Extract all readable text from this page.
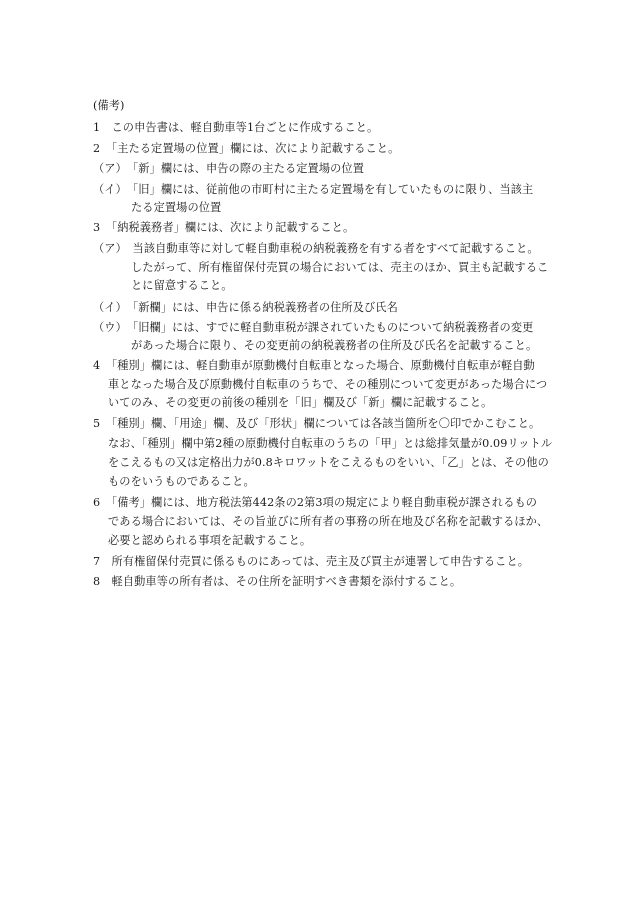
(備考)
1　この申告書は、軽自動車等1台ごとに作成すること。
2　「主たる定置場の位置」欄には、次により記載すること。
（ア）　「新」欄には、申告の際の主たる定置場の位置
（イ）　「旧」欄には、従前他の市町村に主たる定置場を有していたものに限り、当該主
たる定置場の位置
3　「納税義務者」欄には、次により記載すること。
（ア）　当該自動車等に対して軽自動車税の納税義務を有する者をすべて記載すること。
したがって、所有権留保付売買の場合においては、売主のほか、買主も記載するこ
とに留意すること。
（イ）　「新欄」には、申告に係る納税義務者の住所及び氏名
（ウ）　「旧欄」には、すでに軽自動車税が課されていたものについて納税義務者の変更
があった場合に限り、その変更前の納税義務者の住所及び氏名を記載すること。
4　「種別」欄には、軽自動車が原動機付自転車となった場合、原動機付自転車が軽自動
車となった場合及び原動機付自転車のうちで、その種別について変更があった場合につ
いてのみ、その変更の前後の種別を「旧」欄及び「新」欄に記載すること。
5　「種別」欄、「用途」欄、及び「形状」欄については各該当箇所を〇印でかこむこと。
なお、「種別」欄中第2種の原動機付自転車のうちの「甲」とは総排気量が0.09リットル
をこえるもの又は定格出力が0.8キロワットをこえるものをいい、「乙」とは、その他の
ものをいうものであること。
6　「備考」欄には、地方税法第442条の2第3項の規定により軽自動車税が課されるもの
である場合においては、その旨並びに所有者の事務の所在地及び名称を記載するほか、
必要と認められる事項を記載すること。
7　所有権留保付売買に係るものにあっては、売主及び買主が連署して申告すること。
8　軽自動車等の所有者は、その住所を証明すべき書類を添付すること。
